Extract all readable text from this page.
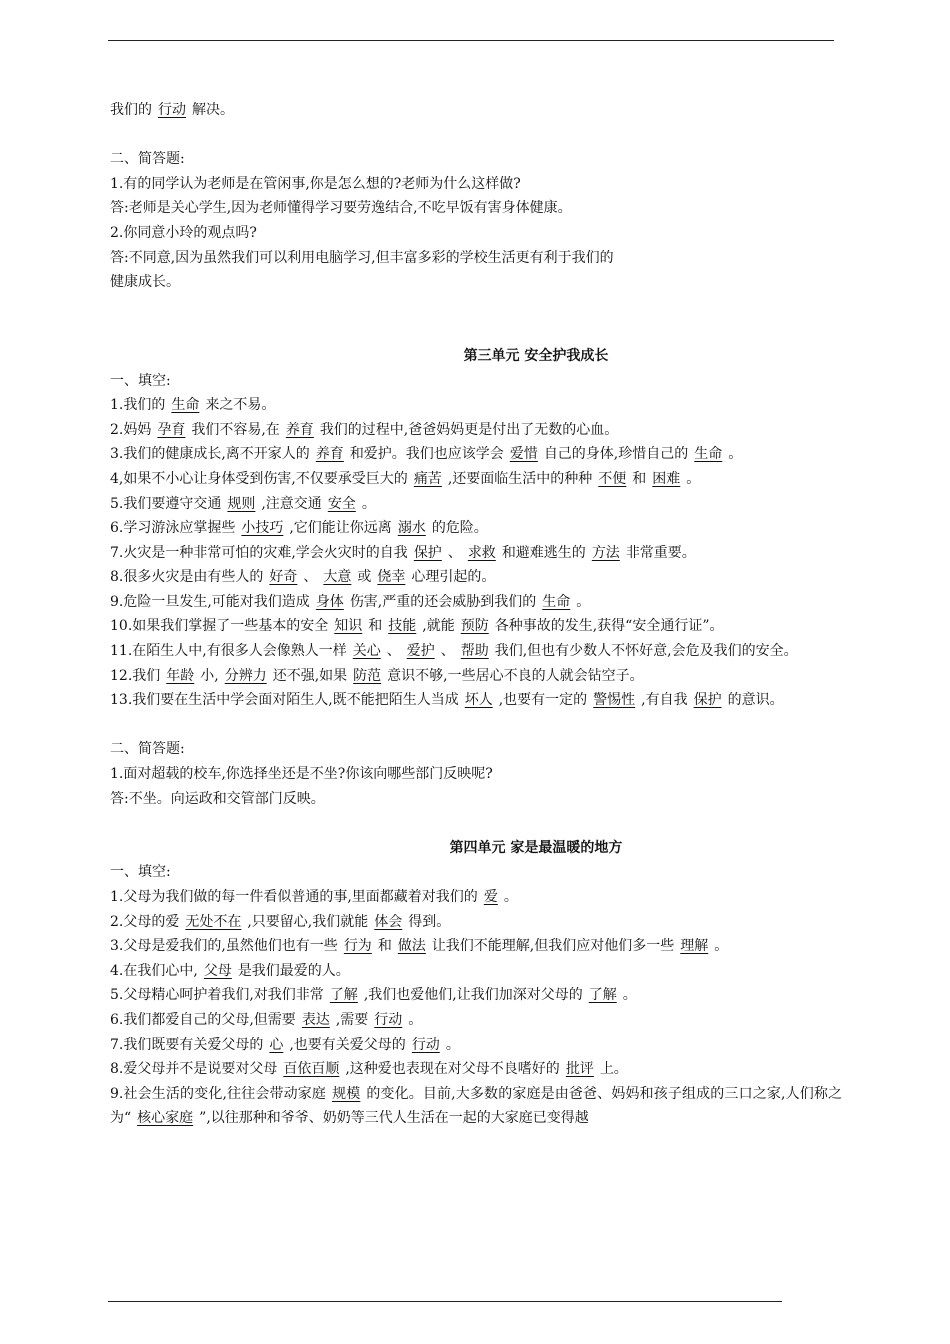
我们的 行动 解决。
二、简答题:
1.有的同学认为老师是在管闲事,你是怎么想的?老师为什么这样做?
答:老师是关心学生,因为老师懂得学习要劳逸结合,不吃早饭有害身体健康。
2.你同意小玲的观点吗?
答:不同意,因为虽然我们可以利用电脑学习,但丰富多彩的学校生活更有利于我们的
健康成长。
第三单元 安全护我成长
一、填空:
1.我们的 生命 来之不易。
2.妈妈 孕育 我们不容易,在 养育 我们的过程中,爸爸妈妈更是付出了无数的心血。
3.我们的健康成长,离不开家人的 养育 和爱护。我们也应该学会 爱惜 自己的身体,珍惜自己的 生命 。
4,如果不小心让身体受到伤害,不仅要承受巨大的 痛苦 ,还要面临生活中的种种 不便 和 困难 。
5.我们要遵守交通 规则 ,注意交通 安全 。
6.学习游泳应掌握些 小技巧 ,它们能让你远离 溺水 的危险。
7.火灾是一种非常可怕的灾难,学会火灾时的自我 保护 、 求救 和避难逃生的 方法 非常重要。
8.很多火灾是由有些人的 好奇 、 大意 或 侥幸 心理引起的。
9.危险一旦发生,可能对我们造成 身体 伤害,严重的还会威胁到我们的 生命 。
10.如果我们掌握了一些基本的安全 知识 和 技能 ,就能 预防 各种事故的发生,获得“安全通行证”。
11.在陌生人中,有很多人会像熟人一样 关心 、 爱护 、 帮助 我们,但也有少数人不怀好意,会危及我们的安全。
12.我们 年龄 小, 分辨力 还不强,如果 防范 意识不够,一些居心不良的人就会钻空子。
13.我们要在生活中学会面对陌生人,既不能把陌生人当成 坏人 ,也要有一定的 警惕性 ,有自我 保护 的意识。
二、简答题:
1.面对超载的校车,你选择坐还是不坐?你该向哪些部门反映呢?
答:不坐。向运政和交管部门反映。
第四单元 家是最温暖的地方
一、填空:
1.父母为我们做的每一件看似普通的事,里面都藏着对我们的 爱 。
2.父母的爱 无处不在 ,只要留心,我们就能 体会 得到。
3.父母是爱我们的,虽然他们也有一些 行为 和 做法 让我们不能理解,但我们应对他们多一些 理解 。
4.在我们心中, 父母 是我们最爱的人。
5.父母精心呵护着我们,对我们非常 了解 ,我们也爱他们,让我们加深对父母的 了解 。
6.我们都爱自己的父母,但需要 表达 ,需要 行动 。
7.我们既要有关爱父母的 心 ,也要有关爱父母的 行动 。
8.爱父母并不是说要对父母 百依百顺 ,这种爱也表现在对父母不良嗜好的 批评 上。
9.社会生活的变化,往往会带动家庭 规模 的变化。目前,大多数的家庭是由爸爸、妈妈和孩子组成的三口之家,人们称之为“ 核心家庭 ”,以往那种和爷爷、奶奶等三代人生活在一起的大家庭已变得越
